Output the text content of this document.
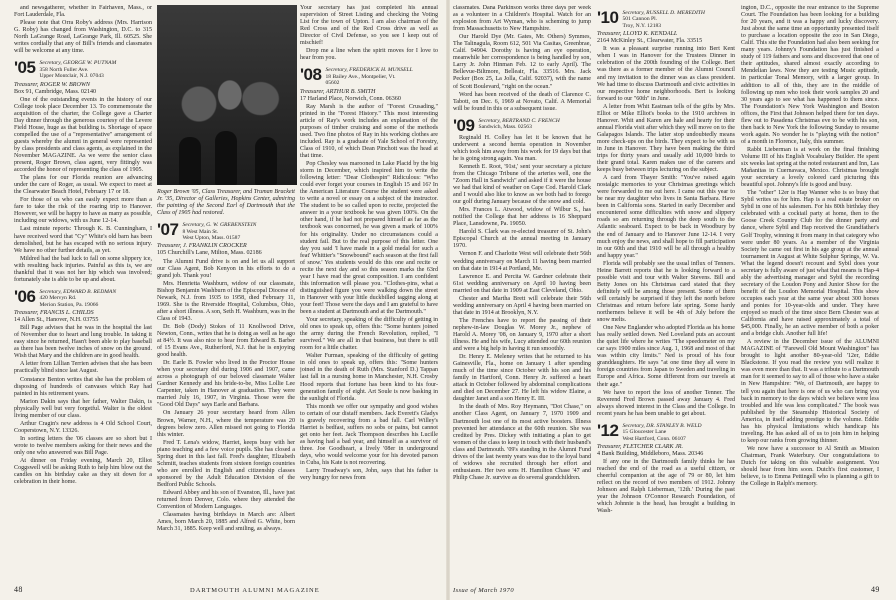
and newsgatherer, whether in Fairhaven, Mass., or Fort Lauderdale, Fla.

Please note that Orra Roby's address (Mrs. Harrison G. Roby) has changed from Washington, D.C. to 315 North LaGrange Road, LaGrange Park, Ill. 60525. She writes cordially that any of Bill's friends and classmates will be welcome at any time.

'05 Secretary, GEORGE W. PUTNAM
358 North Fuller Ave.
Upper Montclair, N.J. 07043

Treasurer, ROGER W. BROWN
Box 91, Cambridge, Mass. 02140

One of the outstanding events in the history of our College took place December 13. To commemorate the acquisition of the charter, the College gave a Charter Day dinner through the generous courtesy of the Levere Field House, huge as that building is. Shortage of space compelled the use of a "representative" arrangement of guests whereby the alumni in general were represented by class presidents and class agents, as explained in the November MAGAZINE. As we were the senior class present, Roger Brown, class agent, very fittingly was accorded the honor of representing the class of 1905.

The plans for our Florida reunion are advancing under the care of Roger, as usual. We expect to meet at the Clearwater Beach Hotel, February 17 or 18.

For those of us who can easily expect more than a fare to take the risk of the roaring trip to Hanover. However, we will be happy to have as many as possible, including our widows, with us June 12-14.

Last minute reports: Through K. B. Cunningham, I have received word that "Cy" White's old barn has been demolished, but he has escaped with no serious injury. We have no other further details, as yet.

Mildred had the bad luck to fall on some slippery ice, with resulting back injuries. Painful as this is, we are thankful that it was not her hip which was involved; fortunately she is able to be up and about.

'06 Secretary, EDWARD B. REDMAN
420 Mervyn Rd.
Merion Station, Pa. 19066

Treasurer, FRANCIS L. CHILDS
14 Allen St., Hanover, N.H. 03755

Bill Page advises that he was in the hospital the last of November due to heart and lung trouble. In taking it easy since he returned, Hasn't been able to play baseball as there has been twelve inches of snow on the ground. Wish that Mary and the children are in good health.

A letter from Lillian Terrien advises that she has been practically blind since last August.

Constance Benton writes that she has the problem of disposing of hundreds of canvases which Ray had painted in his retirement years.

Marion Dakin says that her father, Walter Dakin, is physically well but very forgetful. Walter is the oldest living member of our class.

Arthur Cragin's new address is 4 Old School Court, Cooperstown, N.Y. 13326.

In sorting letters the '06 classes are so short but I wrote to twelve members asking for their news and the only one who answered was Bill Page.

At dinner on Friday evening, March 20, Elliot Coggswell will be asking Ruth to help him blow out the candles on his birthday cake as they sit down for a celebration in their home.

Roger Brown '05, Class Treasurer, and Truman Brackett Jr. '35, Director of Galleries, Hopkins Center, admiring the painting of the Second Earl of Dartmouth that the Class of 1905 had restored.

'07 Secretary, G. W. GREBENSTEIN
8 West Main St.
West Upton, Mass. 01587

Treasurer, J. FRANKLIN CROCKER
105 Churchill's Lane, Milton, Mass. 02186

The Alumni Fund drive is on and let us all support our Class Agent, Bob Kenyon in his efforts to do a grand job. Thank you!

Mrs. Henrietta Washburn, widow of our classmate, Bishop Benjamin Washburn of the Episcopal Diocese of Newark, N.J. from 1935 to 1958, died February 11, 1969. She is the Riverside Hospital, Columbus, Ohio, after a short illness. A son, Seth H. Washburn, was in the Class of 1943.

Dr. Bob (Dody) Stokes of 11 Knollwood Drive, Newton, Conn., writes that he is doing as well as he ago at 84½. It was also nice to hear from Edward B. Barber of 15 Evans Ave., Rutherford, N.J. that he is enjoying good health.

Dr. Earle B. Fowler who lived in the Proctor House when your secretary did during 1906 and 1907, came across a photograph of our beloved classmate Walter Gardner Kennedy and his bride-to-be, Miss Lollie Lee Carpenter, taken in Hanover at graduation. They were married July 16, 1907, in Virginia. Those were the "Good Old Days" says Earle and Barbara.

On January 26 your secretary heard from Allen Brown, Warner, N.H., where the temperature was 20 degrees below zero. Allen missed not going to Florida this winter.

Fred T. Lena's widow, Harriet, keeps busy with her piano teaching and a few voice pupils. She has closed a Spring duet in this last fall. Fred's daughter, Elizabeth Schmitt, teaches students from sixteen foreign countries who are enrolled in English and citizenship classes sponsored by the Adult Education Division of the Bedford Public Schools.

Edward Abbey and his son of Evanston, Ill., have just returned from Denver, Colo. where they attended the Convention of Modern Languages.

Classmates having birthdays in March are: Albert Ames, born March 20, 1885 and Alfred G. White, born March 31, 1885. Keep well and smiling, as always.

Your secretary has just completed his annual supervision of Street Listing and checking the Voting List for the town of Upton. I am also chairman of the Red Cross and of the Red Cross drive as well as Director of Civil Defense, so you see I keep out of mischief!

Drop me a line when the spirit moves for I love to hear from you.

'08 Secretary, FREDERICK H. MUNSELL
18 Bailey Ave., Montpelier, Vt.
05602

Treasurer, ARTHUR B. SMITH
17 Harland Place, Norwich, Conn. 06360

Ray Marsh is the author of "Forest Crusading," printed in the "Forest History." This most interesting article of Ray's work includes an explanation of the purposes of timber cruising and some of the methods used. Two fine photos of Ray in his working clothes are included. Ray is a graduate of Yale School of Forestry, Class of 1910, of which Dean Pinchott was the head at that time.

Pop Chesley was marooned in Lake Placid by the big storm in December, which inspired him to write the following letter: "Dear Clothespin" Ridiculous: "Who could ever forget your courses in English 15 and 16? In the American Literature Course the student were asked to write a novel or essay on a subject of the instructor. The student to be so called upon to recite, projected the answer in a your textbook he was given 100%. On the other hand, if he had not prepared himself as far as the textbook was concerned, he was given a mark of 100% for his originality. Under no circumstances could a student fail. But to the real purpose of this letter. One day you said 'I have made in a gold medal for such a feat' Whittier's "Snowbound" each season at the first fall of snow.' Yes students would do this one and recite or recite the next day and so this season marks the 63rd year I have read the great composition. I am confident this information will please you. "Clothes-pins, what a distinguished figure you were walking down the street in Hanover with your little duckbilled tagging along at your feet! Those were the days and I am grateful to have been a student at Dartmouth and at the Dartmouth."

Your secretary, speaking of the difficulty of getting in old ones to speak up, offers this: "Some hunters joined the army during the French Revolution, replied, "I survived." We are all in that business, but there is still room for a little chatter.

Walter Furman, speaking of the difficulty of getting in old ones to speak up, offers this: "Some hunters joined in the death of Ruth (Mrs. Stanford D.) Tappan last fall in a nursing home in Manchester, N.H. Crosby Hood reports that fortune has been kind to his four-generation family of eight. Art Soule is now basking in the sunlight of Florida.

This month we offer our sympathy and good wishes to certain of our distaff members. Jack Everett's Gladys is gravely recovering from a bad fall. Carl Willey's Harriet is bedfast, suffers no sobs or pains, but cannot get onto her feet. Jack Thompson describes his Lucille as having had a bad year, and himself as a survivor of three. Joe Goodheart, a lively '08er in underground days, who would welcome your for his devoted parson in Cuba, his Kate is not recovering.

Larry Treadway's son, John, says that his father is very hungry for news from

48	DARTMOUTH ALUMNI MAGAZINE

classmates. Dana Parkinson works three days per week as a volunteer in a Children's Hospital. Watch for an explosion from Art Wyman, who is scheming to jump from Massachusetts to New Hampshire.

Our Harold Dye (Mr. Gates, Mr. Others) Symmes, The Talinagula, Room 612, 501 Via Casitas, Greenbrae, Calif. 94904. Dorothy is having an eye operation, meanwhile her correspondence is being handled by son, Larry Jr. John Hinman Feb. 12 to early April). The Bellevue-Biltmore, Belleair, Fla. 33516. Mrs. Jack Pecker (Box 25, La Jolla, Calif. 92037), with the name of Scott Boulevard, "right on the ocean."

Word has been received of the death of Clarence C. Tabott, on Dec. 6, 1969 at Novato, Calif. A Memorial will be found in this or a subsequent issue.

'09 Secretary, BERTRAND C. FRENCH
Sandwich, Mass. 02563

Reginald H. Colley has let it be known that he underwent a second hernia operation in November which took him away from his work for 19 days but that he is going strong again. Yea man.

Kenneth E. Root, '91st,' sent your secretary a picture from the Chicago Tribune of the arteries well, one the "Zoom Hall in Sandwich" and asked if it were the house we had that kind of weather on Cape Cod. Harold Clark and I would also like to know as we both had to forego our golf during January because of the snow and cold.

Mrs. Frances L. Atwood, widow of Wilbur S., has notified the College that her address is 16 Sheppard Place, Lansdowne, Pa. 19050.

Harold S. Clark was re-elected treasurer of St. John's Episcopal Church at the annual meeting in January 1970.

Vernon F. and Charlotte West will celebrate their 56th wedding anniversary on March 11 having been married on that date in 1914 at Portland, Me.

Lawrence E. and Percita W. Gardner celebrate their 61st wedding anniversary on April 10 having been married on that date in 1909 at East Cleveland, Ohio.

Chester and Martha Brett will celebrate their 56th wedding anniversary on April 4 having been married on that date in 1914 at Brooklyn, N.Y.

The Frenches have to report the passing of their nephew-in-law Douglas W. Morey Jr., nephew of Harold A. Morey '08, on January 9, 1970 after a short illness. He and his wife, Lucy attended our 60th reunion and were a big help in having it run smoothly.

Dr. Henry E. Meleney writes that he returned to his Gainesville, Fla., home on January 1 after spending much of the time since October with his son and his family in Hartford, Conn. Henry Jr. suffered a heart attack in October followed by abdominal complications and died on December 27. He left his widow Elaine, a daughter Janet and a son Henry E. III.

In the death of Mrs. Roy Heymann, "Dot Chase," on another Class Agent, on January 7, 1970 1909 and Dartmouth lost one of its most active boosters. Illness prevented her attendance at the 60th reunion. She was credited by Pres. Dickey with initiating a plan to get women of the class to keep in touch with their husband's class and Dartmouth. '09's standing in the Alumni Fund drives of the last twenty years was due to the loyal band of widows she recruited through her effort and enthusiasm. Her two sons H. Hamilton Chase '47 and Philip Chase Jr. survive as do several grandchildren.

'10 Secretary, RUSSELL D. MEREDITH
501 Cannon Pl.
Troy, N.Y. 12183

Treasurer, LLOYD K. KENDALL
2164 McKinley St., Clearwater, Fla. 33515

It was a pleasant surprise running into Bert Kent when I was in Hanover for the Trustees Dinner in celebration of the 200th founding of the College. Bert was there as a former member of the Alumni Council and my invitation to the dinner was as class president. We had time to discuss Dartmouth and civic activities in our respective home neighborhoods. Bert is looking forward to our "60th" in June.

A letter from Whit Eastman tells of the gifts by Mrs. Elliot or Mike Elliot's books to the 1910 archives in Hanover. Whit and Karen are hale and hearty for their annual Florida visit after which they will move on to the Galapagos Islands. The latter stop undoubtedly means more check-ups on the birds. They expect to be with us in June in Hanover. They have been making the third trips for thirty years and usually add 10,000 birds to their grand total. Karen makes use of the careers and keeps busy between trips lecturing on the subject.

A card from Thayer Smith: "You've raised again nostalgic memories to your Christmas greetings which were forwarded to me out here. I came out this year to be near my daughter who lives in Santa Barbara. Have been in California sons. Started in early December and encountered some difficulties with snow and slippery roads so am returning through the deep south to the Atlantic seaboard. Expect to be back in Woodbury by the end of January and to Hanover June 12-14. I very much enjoy the news, and shall hope to fill participation in our 60th and that 1910 will be all through a healthy and happy year."

Florida will probably see the usual influx of Tenners. Heine Barrett reports that he is looking forward to a possible visit and tour with Walter Stevens. Bill and Betty Jones on his Christmas card stated that they definitely will be among those present. Some of them will certainly be surprised if they left the north before Christmas and return before late spring. Some hardy northerners believe it will be 4th of July before the snow melts.

One New Englander who adopted Florida as his home has really settled down. Ned Loveland puts an account the quiet life where he writes "The speedometer on my car says 1900 miles since Aug. 1, 1968 and most of that was within city limits." Ned is proud of his four granddaughters. He says "at one time they all were in foreign countries from Japan to Sweden and traveling in Europe and Africa. Some different from our travels at their age."

We have to report the loss of another Tenner. The Reverend Fred Brown passed away January 4. Fred always showed interest in the Class and the College. In recent years he has been unable to get about.

'12 Secretary, DR. STANLEY B. WELD
15 Gloucester Lane
West Hartford, Conn. 06107

Treasurer, FLETCHER CLARK JR.
4 Bank Building, Middleboro, Mass. 20346

If any one in the Dartmouth family thinks he has reached the end of the road as a useful citizen, or cheerful companion at the age of 79 or 80, let him reflect on the record of two members of 1912. Johnny Johnson and Ralph Lieberman, '12th.' During the past year the Johnson O'Connor Research Foundation, of which Johnnie is the head, has brought a building in Wash-

ington, D.C., opposite the rear entrance to the Supreme Court. The Foundation has been looking for a building for 20 years, and it was a happy and lucky discovery. Just about the same time an opportunity presented itself to purchase a location opposite the zoo in San Diego, Calif. This site the Foundation had also been seeking for many years. Johnny's Foundation has just finished a study of 119 fathers and sons and discovered that one of their aptitudes, shared almost exactly according to Mendelian laws. Now they are testing Music aptitude, in particular Tonal Memory, with a larger group. In addition to all of this, they are in the middle of following up men who took their work samples 20 and 30 years ago to see what has happened to them since. The Foundation's New York Washington and Boston offices, the First that Johnson helped there for ten days. flew out to Pasadena Christmas eve to be with his son, then back to New York the following Sunday to resume work again. No wonder he is "playing with the notion" of a month in Florence, Italy, this summer.

Rabbi Lieberman is at work on the final finishing Volume III of his English Vocabulary Builder. He spent six weeks last spring at the noted restaurant and Inn, Las Mañanitas in Cuernavaca, Mexico. Christmas brought your secretary a lovely colored card picturing this beautiful spot. Johnny's life is good and busy.

The "other" 12er is Hap Wanner who is so busy that Sybil writes us for him. Hap is a real estate broker on Sybil in one of his salesmen. For his 80th birthday they celebrated with a cocktail party at home, then to the Goose Creek Country Club for the dinner party and dance, where Sybil and Hap received the Grandfather's Golf Trophy, winning it from many in that category who were under 80 years. As a member of the Virginia Society he came out first in his age group at the annual tournament in August at White Sulphur Springs, W. Va. What the legend doesn't recount and Sybil does your secretary is fully aware of just what that means is Hap-4 ably the advertising manager and Sybil the recording secretary of the Loudon Pony and Junior Show for the benefit of the Loudon Memorial Hospital. This show occupies each year at the same year about 300 horses and ponies for 10-year-olds and under. They have enjoyed so much of the time since Bern Chester was at California and have raised approximately a total of $45,000. Finally, he an active member of both a poker and a bridge club. Another full life!

A review in the December issue of the ALUMNI MAGAZINE of "Farewell Old Mount Washington" has brought to light another 80-year-old '12er, Eddie Blackstone. If you read the review you will realize it was even more than that. It was a tribute to a Dartmouth man for it seemed to say to all of those who have a stake in New Hampshire: "We, of Dartmouth, are happy to tell you again that here is one of us who can bring you back in memory to the days which we believe were less troubled and life was less complicated." The book was published by the Steamship Historical Society of America, in itself adding prestige to the volume. Eddie has his physical limitations which handicap his traveling. He has asked all of us to join him in helping to keep our ranks from growing thinner.

We now have a successor to Al Smith as Mission Chairman, Frank Waterbury. Our congratulations to Dutch for taking on this valuable assignment. You should hear from him soon. Dutch's first customer, I believe, is to Emma Pettingell who is planning a gift to the College in Ralph's memory.

Issue of March 1970	49
